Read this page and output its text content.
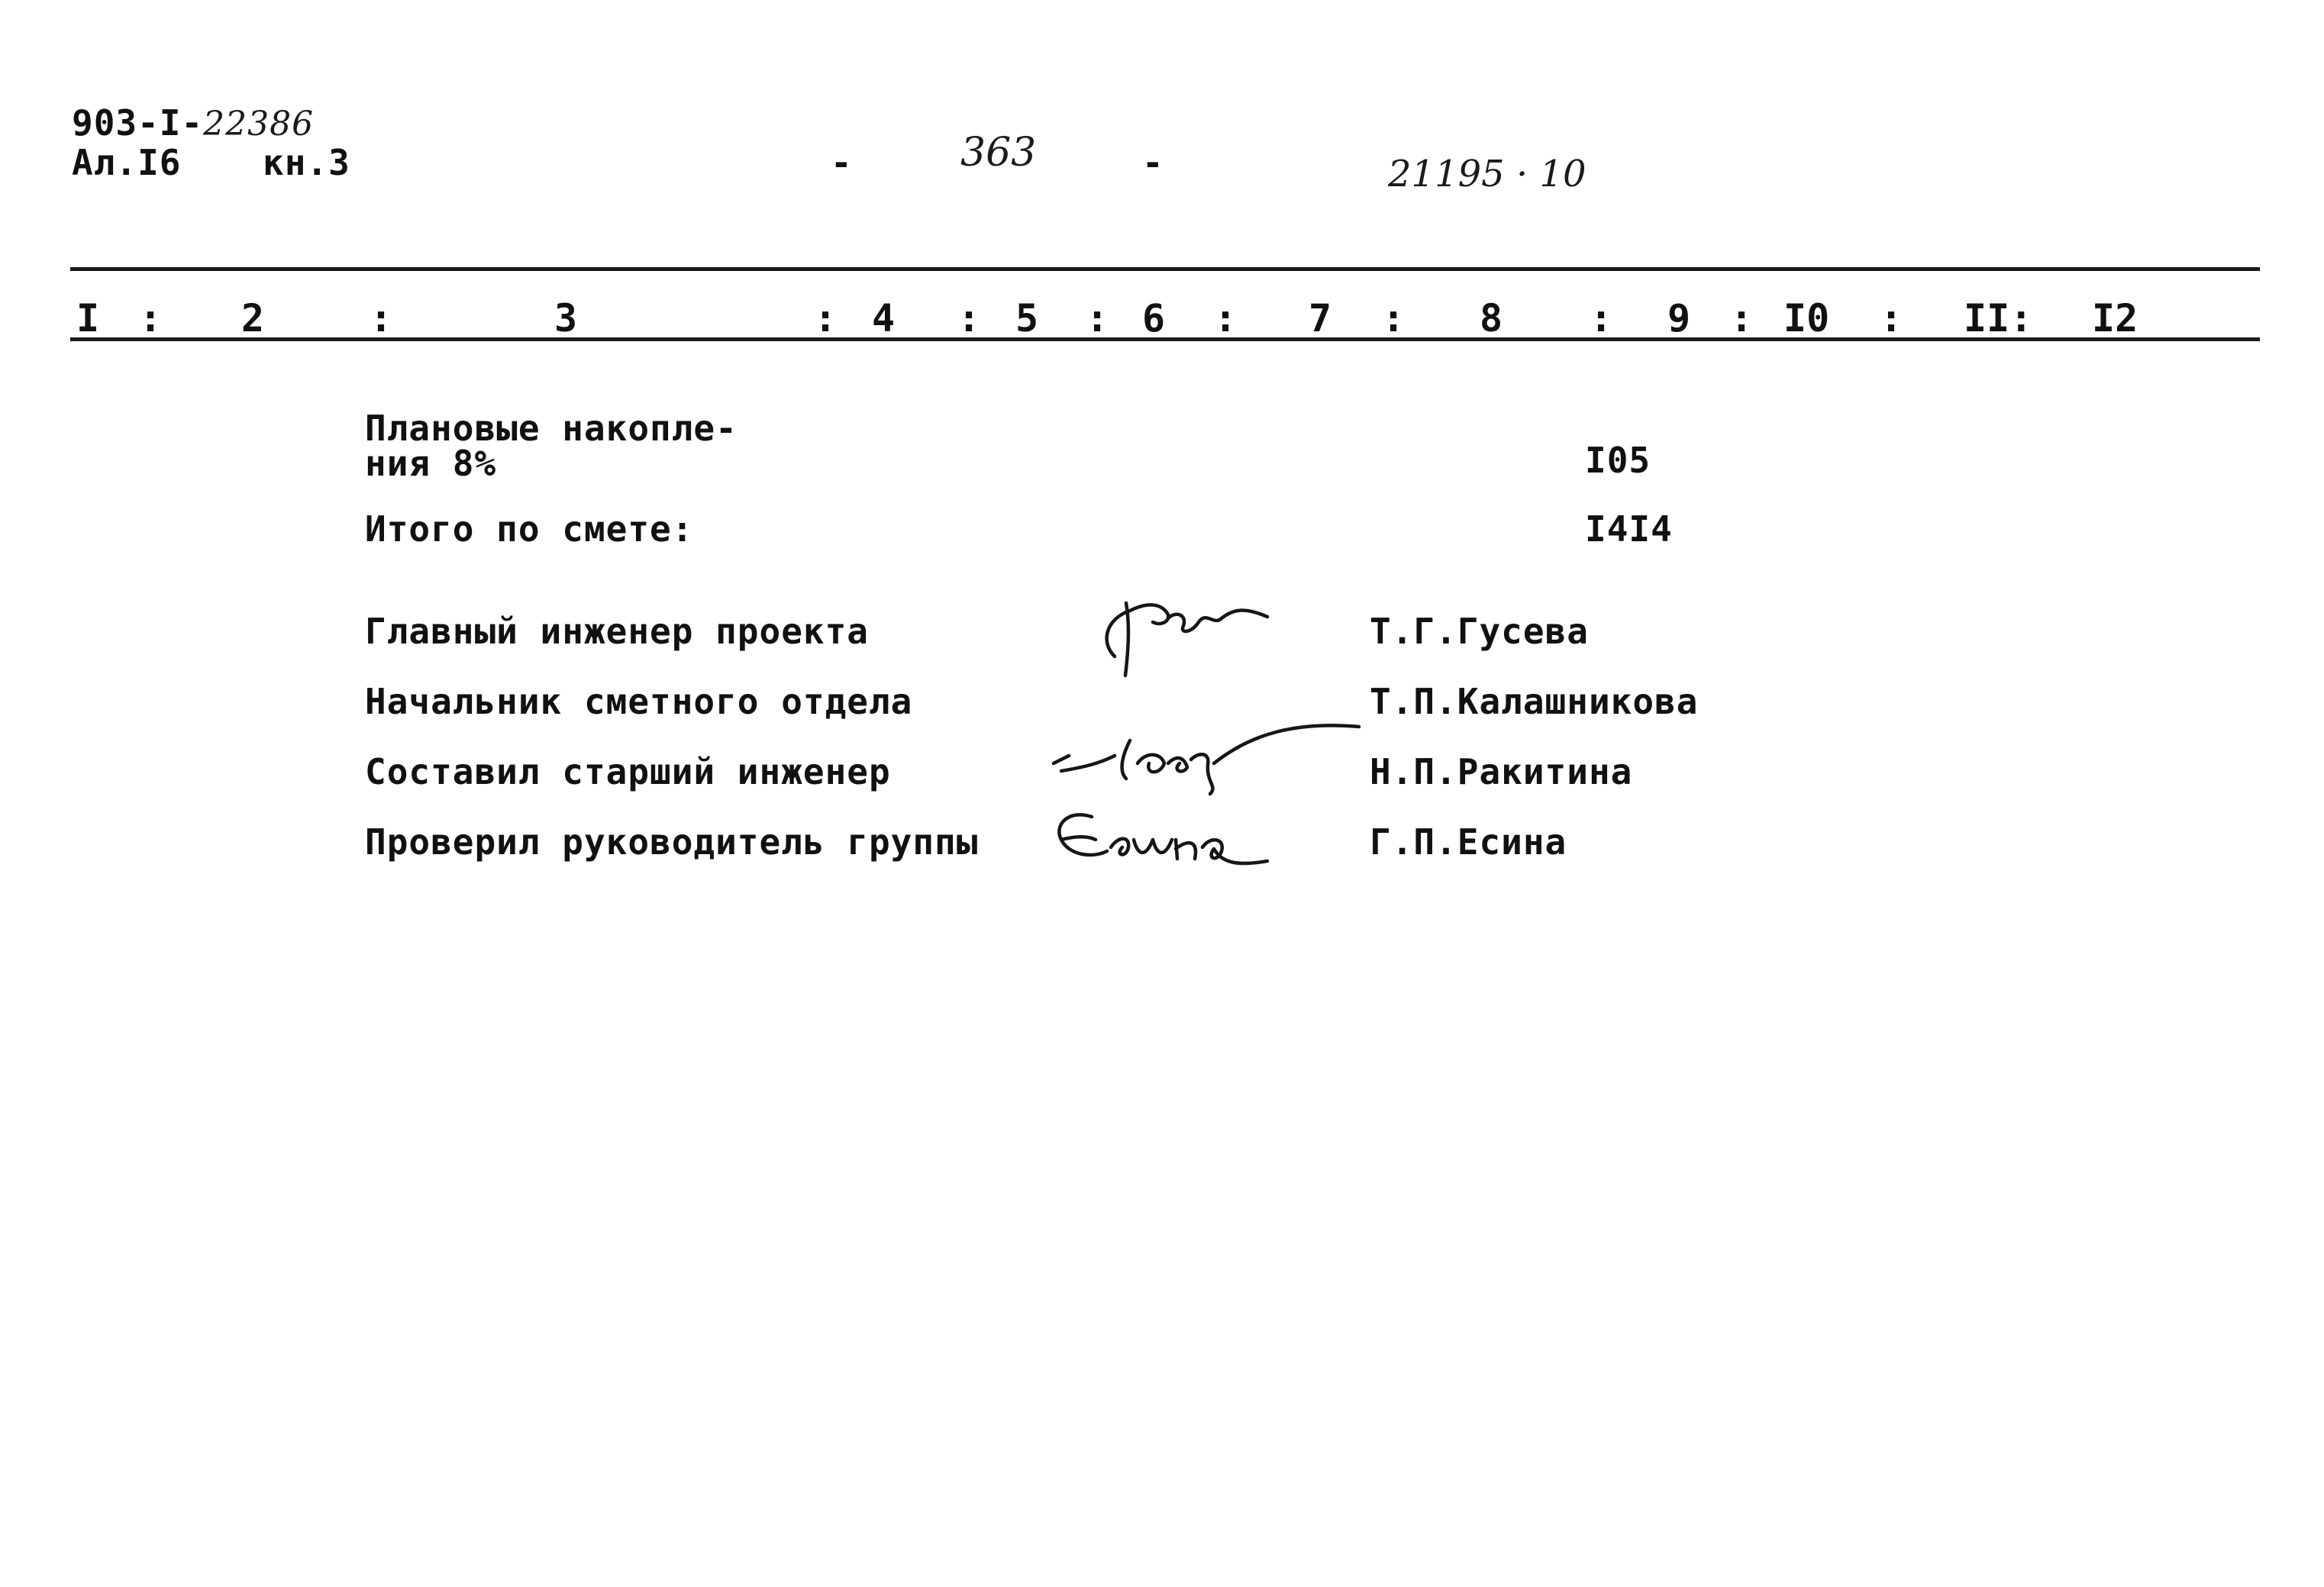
903-I-22386
Ал.I6 кн.3	-	363	-	21195 · 10
I : 2	:	3	: 4 : 5 : 6 : 7 : 8 : 9 : I0 : II: I2
Плановые накопле-
ния 8%	I05
Итого по смете:	I4I4
Главный инженер проекта	Т.Г.Гусева
Начальник сметного отдела	Т.П.Калашникова
Составил старший инженер	Н.П.Ракитина
Проверил руководитель группы	Г.П.Есина
